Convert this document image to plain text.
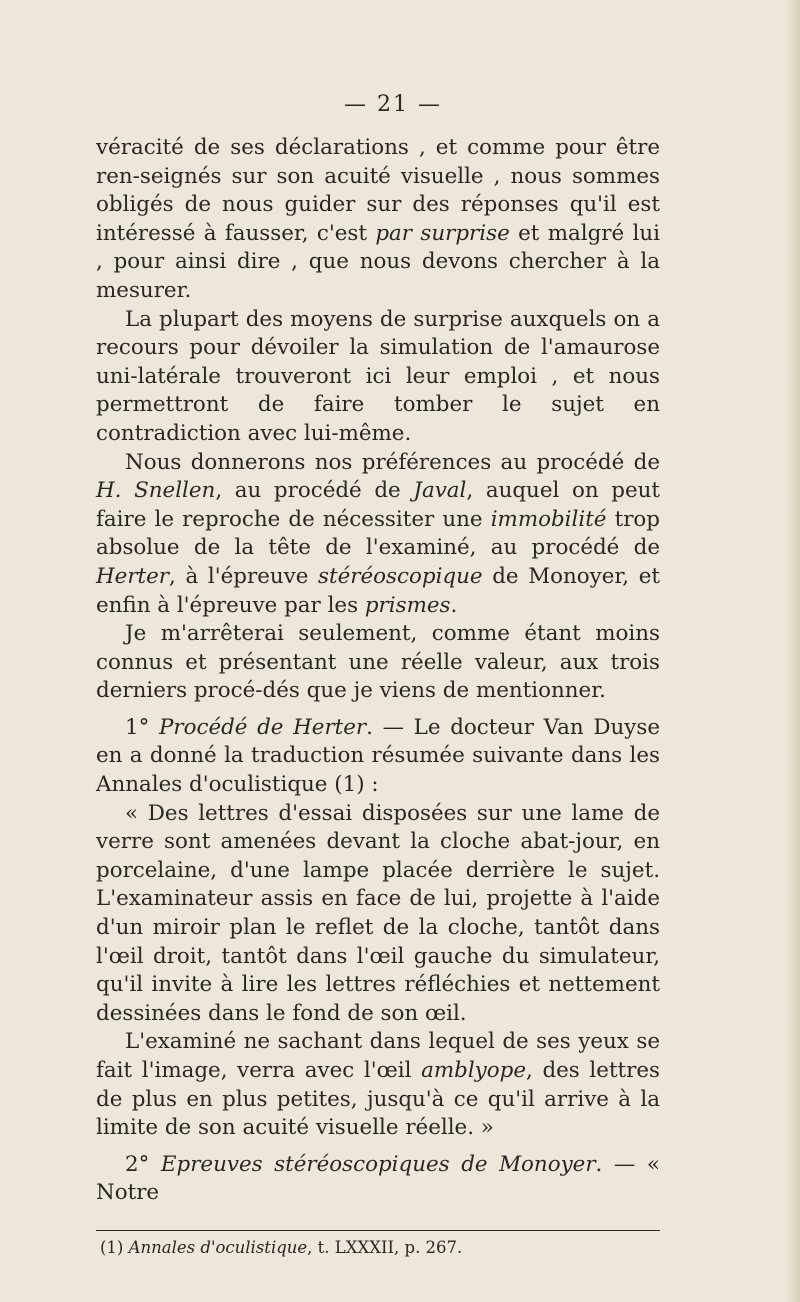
— 21 —

véracité de ses déclarations , et comme pour être ren-seignés sur son acuité visuelle , nous sommes obligés de nous guider sur des réponses qu'il est intéressé à fausser, c'est par surprise et malgré lui , pour ainsi dire , que nous devons chercher à la mesurer.

La plupart des moyens de surprise auxquels on a recours pour dévoiler la simulation de l'amaurose uni-latérale trouveront ici leur emploi , et nous permettront de faire tomber le sujet en contradiction avec lui-même.

Nous donnerons nos préférences au procédé de H. Snellen, au procédé de Javal, auquel on peut faire le reproche de nécessiter une immobilité trop absolue de la tête de l'examiné, au procédé de Herter, à l'épreuve stéréoscopique de Monoyer, et enfin à l'épreuve par les prismes.

Je m'arrêterai seulement, comme étant moins connus et présentant une réelle valeur, aux trois derniers procé-dés que je viens de mentionner.

1° Procédé de Herter. — Le docteur Van Duyse en a donné la traduction résumée suivante dans les Annales d'oculistique (1) :

« Des lettres d'essai disposées sur une lame de verre sont amenées devant la cloche abat-jour, en porcelaine, d'une lampe placée derrière le sujet. L'examinateur assis en face de lui, projette à l'aide d'un miroir plan le reflet de la cloche, tantôt dans l'œil droit, tantôt dans l'œil gauche du simulateur, qu'il invite à lire les lettres réfléchies et nettement dessinées dans le fond de son œil.

L'examiné ne sachant dans lequel de ses yeux se fait l'image, verra avec l'œil amblyope, des lettres de plus en plus petites, jusqu'à ce qu'il arrive à la limite de son acuité visuelle réelle. »

2° Epreuves stéréoscopiques de Monoyer. — « Notre

(1) Annales d'oculistique, t. LXXXII, p. 267.
